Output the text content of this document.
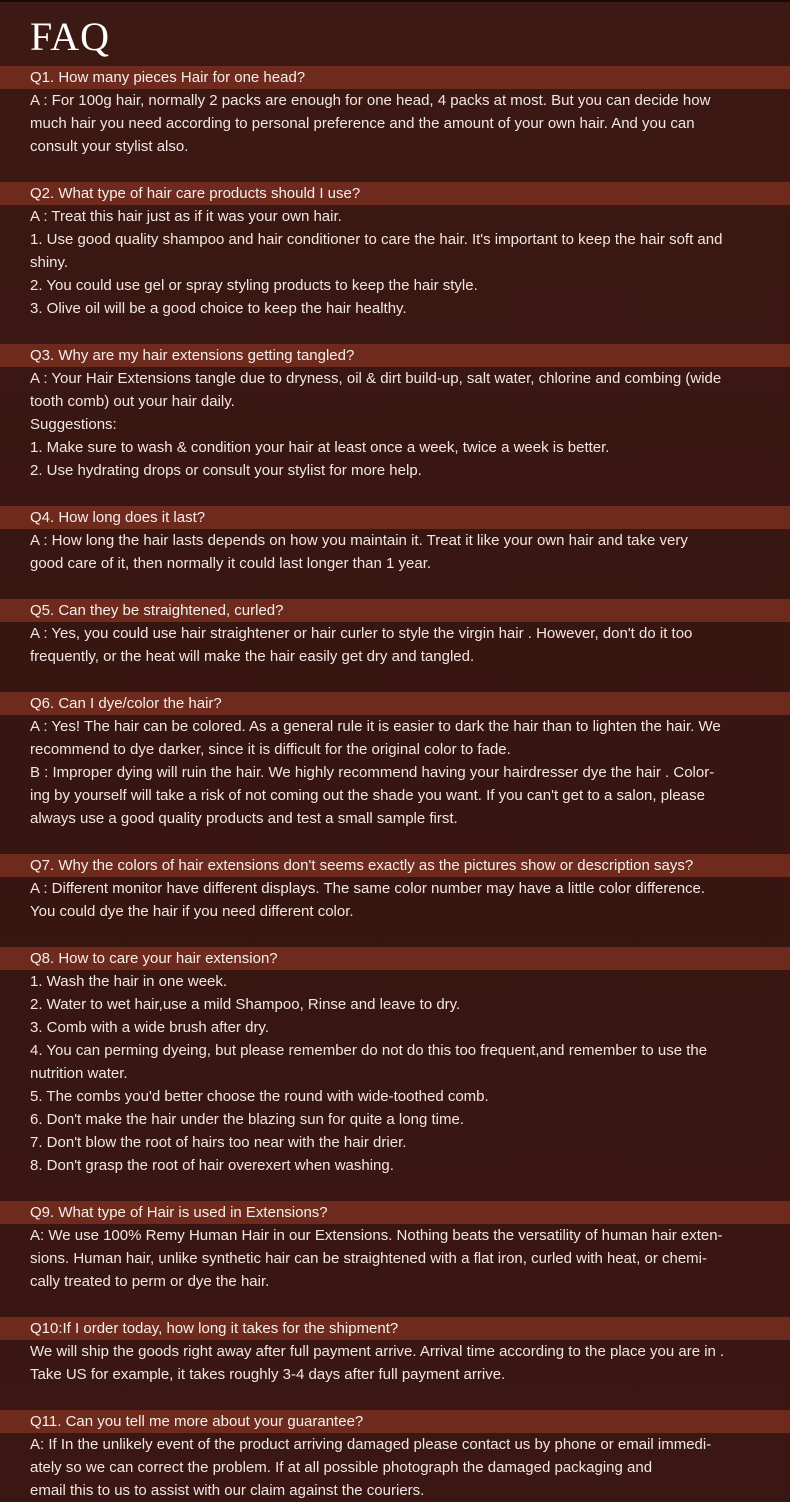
FAQ
Q1. How many pieces Hair for one head?
A : For 100g hair, normally 2 packs are enough for one head, 4 packs at most. But you can decide how
much hair you need according to personal preference and the amount of your own hair. And you can
consult your stylist also.
Q2. What type of hair care products should I use?
A : Treat this hair just as if it was your own hair.
1. Use good quality shampoo and hair conditioner to care the hair. It's important to keep the hair soft and
shiny.
2. You could use gel or spray styling products to keep the hair style.
3. Olive oil will be a good choice to keep the hair healthy.
Q3. Why are my hair extensions getting tangled?
A : Your Hair Extensions tangle due to dryness, oil & dirt build-up, salt water, chlorine and combing (wide
tooth comb) out your hair daily.
Suggestions:
1. Make sure to wash & condition your hair at least once a week, twice a week is better.
2. Use hydrating drops or consult your stylist for more help.
Q4. How long does it last?
A : How long the hair lasts depends on how you maintain it. Treat it like your own hair and take very
good care of it, then normally it could last longer than 1 year.
Q5. Can they be straightened, curled?
A : Yes, you could use hair straightener or hair curler to style the virgin hair . However, don't do it too
frequently, or the heat will make the hair easily get dry and tangled.
Q6. Can I dye/color the hair?
A : Yes! The hair can be colored. As a general rule it is easier to dark the hair than to lighten the hair. We
recommend to dye darker, since it is difficult for the original color to fade.
B : Improper dying will ruin the hair. We highly recommend having your hairdresser dye the hair . Color-
ing by yourself will take a risk of not coming out the shade you want. If you can't get to a salon, please
always use a good quality products and test a small sample first.
Q7. Why the colors of hair extensions don't seems exactly as the pictures show or description says?
A : Different monitor have different displays. The same color number may have a little color difference.
You could dye the hair if you need different color.
Q8. How to care your hair extension?
1. Wash the hair in one week.
2. Water to wet hair,use a mild Shampoo, Rinse and leave to dry.
3. Comb with a wide brush after dry.
4. You can perming dyeing, but please remember do not do this too frequent,and remember to use the
nutrition water.
5. The combs you'd better choose the round with wide-toothed comb.
6. Don't make the hair under the blazing sun for quite a long time.
7. Don't blow the root of hairs too near with the hair drier.
8. Don't grasp the root of hair overexert when washing.
Q9. What type of Hair is used in Extensions?
A: We use 100% Remy Human Hair in our Extensions. Nothing beats the versatility of human hair exten-
sions. Human hair, unlike synthetic hair can be straightened with a flat iron, curled with heat, or chemi-
cally treated to perm or dye the hair.
Q10:If I order today, how long it takes for the shipment?
We will ship the goods right away after full payment arrive. Arrival time according to the place you are in .
Take US for example, it takes roughly 3-4 days after full payment arrive.
Q11. Can you tell me more about your guarantee?
A: If In the unlikely event of the product arriving damaged please contact us by phone or email immedi-
ately so we can correct the problem. If at all possible photograph the damaged packaging and
email this to us to assist with our claim against the couriers.
